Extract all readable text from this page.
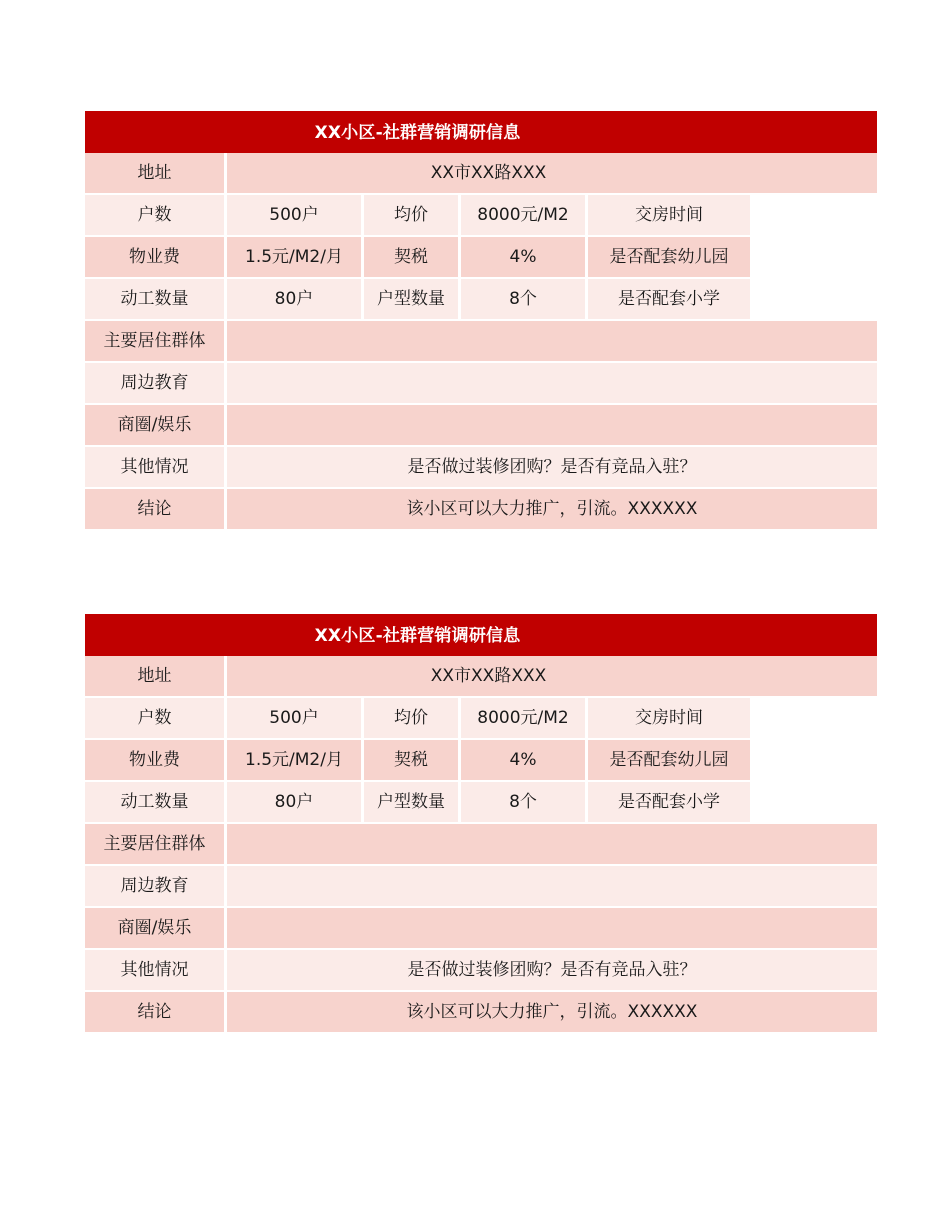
XX小区-社群营销调研信息
地址	XX市XX路XXX
户数	500户	均价	8000元/M2	交房时间
物业费	1.5元/M2/月	契税	4%	是否配套幼儿园
动工数量	80户	户型数量	8个	是否配套小学
主要居住群体
周边教育
商圈/娱乐
其他情况	是否做过装修团购？是否有竞品入驻？
结论	该小区可以大力推广，引流。XXXXXX
XX小区-社群营销调研信息
地址	XX市XX路XXX
户数	500户	均价	8000元/M2	交房时间
物业费	1.5元/M2/月	契税	4%	是否配套幼儿园
动工数量	80户	户型数量	8个	是否配套小学
主要居住群体
周边教育
商圈/娱乐
其他情况	是否做过装修团购？是否有竞品入驻？
结论	该小区可以大力推广，引流。XXXXXX
